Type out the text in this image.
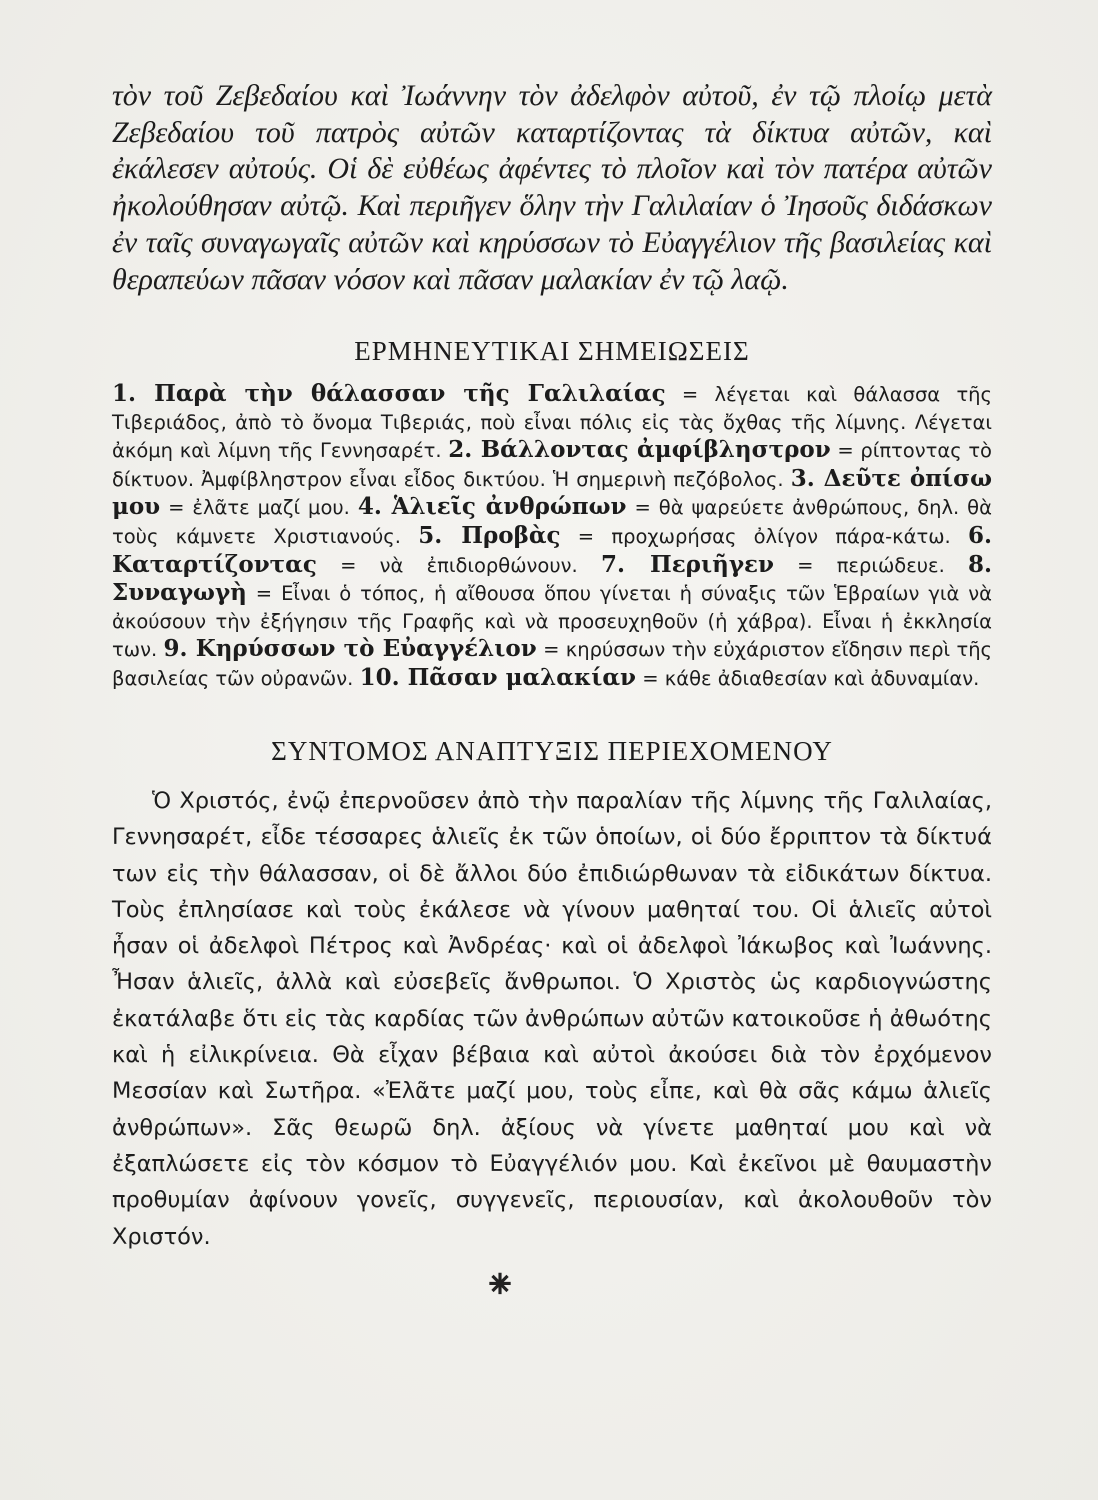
τὸν τοῦ Ζεβεδαίου καὶ Ἰωάννην τὸν ἀδελφὸν αὐτοῦ, ἐν τῷ πλοίῳ μετὰ Ζεβεδαίου τοῦ πατρὸς αὐτῶν καταρτίζοντας τὰ δίκτυα αὐτῶν, καὶ ἐκάλεσεν αὐτούς. Οἱ δὲ εὐθέως ἀφέντες τὸ πλοῖον καὶ τὸν πατέρα αὐτῶν ἠκολούθησαν αὐτῷ. Καὶ περιῆγεν ὅλην τὴν Γαλιλαίαν ὁ Ἰησοῦς διδάσκων ἐν ταῖς συναγωγαῖς αὐτῶν καὶ κηρύσσων τὸ Εὐαγγέλιον τῆς βασιλείας καὶ θεραπεύων πᾶσαν νόσον καὶ πᾶσαν μαλακίαν ἐν τῷ λαῷ.
ΕΡΜΗΝΕΥΤΙΚΑΙ ΣΗΜΕΙΩΣΕΙΣ
1. Παρὰ τὴν θάλασσαν τῆς Γαλιλαίας = λέγεται καὶ θάλασσα τῆς Τιβεριάδος, ἀπὸ τὸ ὄνομα Τιβεριάς, ποὺ εἶναι πόλις εἰς τὰς ὄχθας τῆς λίμνης. Λέγεται ἀκόμη καὶ λίμνη τῆς Γεννησαρέτ. 2. Βάλλοντας ἀμφίβληστρον = ρίπτοντας τὸ δίκτυον. Ἀμφίβληστρον εἶναι εἶδος δικτύου. Ἡ σημερινὴ πεζόβολος. 3. Δεῦτε ὀπίσω μου = ἐλᾶτε μαζί μου. 4. Ἁλιεῖς ἀνθρώπων = θὰ ψαρεύετε ἀνθρώπους, δηλ. θὰ τοὺς κάμνετε Χριστιανούς. 5. Προβὰς = προχωρήσας ὀλίγον πάρα-κάτω. 6. Καταρτίζοντας = νὰ ἐπιδιορθώνουν. 7. Περιῆγεν = περιώδευε. 8. Συναγωγὴ = Εἶναι ὁ τόπος, ἡ αἴθουσα ὅπου γίνεται ἡ σύναξις τῶν Ἑβραίων γιὰ νὰ ἀκούσουν τὴν ἐξήγησιν τῆς Γραφῆς καὶ νὰ προσευχηθοῦν (ἡ χάβρα). Εἶναι ἡ ἐκκλησία των. 9. Κηρύσσων τὸ Εὐαγγέλιον = κηρύσσων τὴν εὐχάριστον εἴδησιν περὶ τῆς βασιλείας τῶν οὐρανῶν. 10. Πᾶσαν μαλακίαν = κάθε ἀδιαθεσίαν καὶ ἀδυναμίαν.
ΣΥΝΤΟΜΟΣ ΑΝΑΠΤΥΞΙΣ ΠΕΡΙΕΧΟΜΕΝΟΥ
Ὁ Χριστός, ἐνῷ ἐπερνοῦσεν ἀπὸ τὴν παραλίαν τῆς λίμνης τῆς Γαλιλαίας, Γεννησαρέτ, εἶδε τέσσαρες ἁλιεῖς ἐκ τῶν ὁποίων, οἱ δύο ἔρριπτον τὰ δίκτυά των εἰς τὴν θάλασσαν, οἱ δὲ ἄλλοι δύο ἐπιδιώρθωναν τὰ εἰδικάτων δίκτυα. Τοὺς ἐπλησίασε καὶ τοὺς ἐκάλεσε νὰ γίνουν μαθηταί του. Οἱ ἁλιεῖς αὐτοὶ ἦσαν οἱ ἀδελφοὶ Πέτρος καὶ Ἀνδρέας· καὶ οἱ ἀδελφοὶ Ἰάκωβος καὶ Ἰωάννης. Ἦσαν ἁλιεῖς, ἀλλὰ καὶ εὐσεβεῖς ἄνθρωποι. Ὁ Χριστὸς ὡς καρδιογνώστης ἐκατάλαβε ὅτι εἰς τὰς καρδίας τῶν ἀνθρώπων αὐτῶν κατοικοῦσε ἡ ἀθωότης καὶ ἡ εἰλικρίνεια. Θὰ εἶχαν βέβαια καὶ αὐτοὶ ἀκούσει διὰ τὸν ἐρχόμενον Μεσσίαν καὶ Σωτῆρα. «Ἐλᾶτε μαζί μου, τοὺς εἶπε, καὶ θὰ σᾶς κάμω ἁλιεῖς ἀνθρώπων». Σᾶς θεωρῶ δηλ. ἀξίους νὰ γίνετε μαθηταί μου καὶ νὰ ἐξαπλώσετε εἰς τὸν κόσμον τὸ Εὐαγγέλιόν μου. Καὶ ἐκεῖνοι μὲ θαυμαστὴν προθυμίαν ἀφίνουν γονεῖς, συγγενεῖς, περιουσίαν, καὶ ἀκολουθοῦν τὸν Χριστόν.
⁕
